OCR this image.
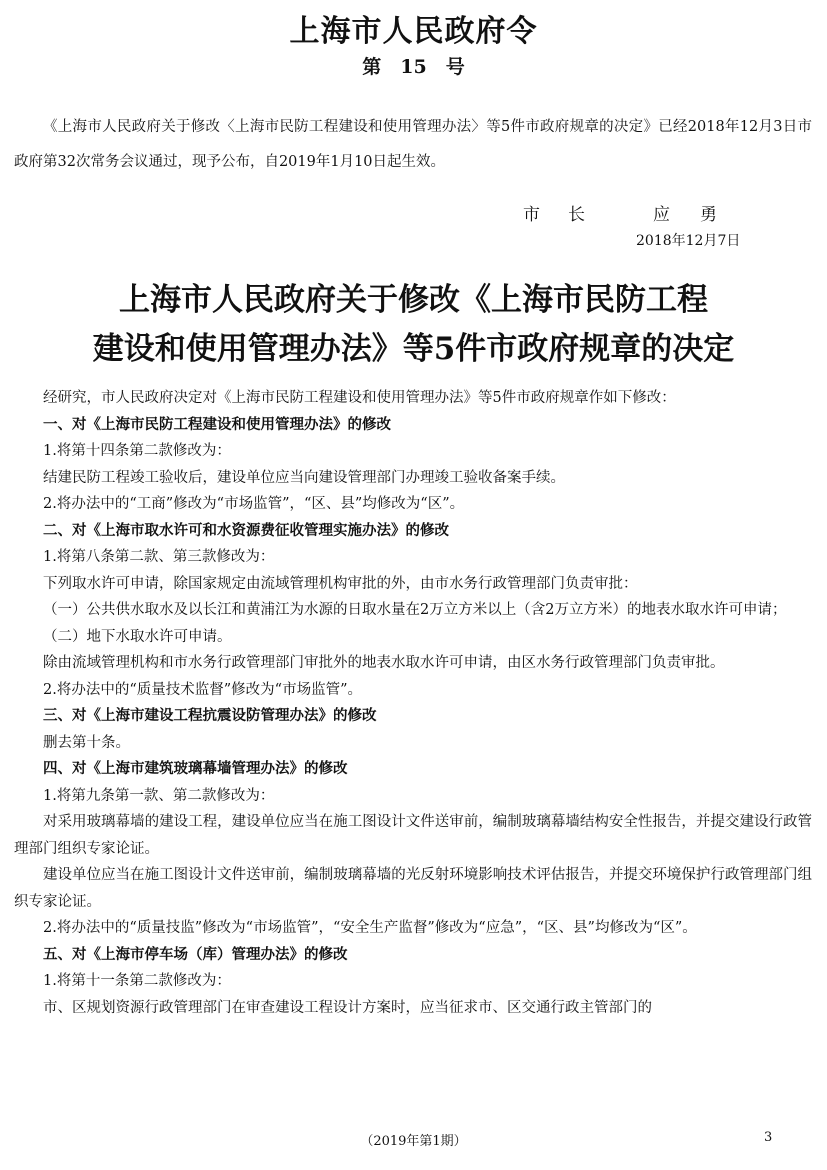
上海市人民政府令
第　15　号

《上海市人民政府关于修改〈上海市民防工程建设和使用管理办法〉等5件市政府规章的决定》已经2018年12月3日市政府第32次常务会议通过，现予公布，自2019年1月10日起生效。

市长 应勇
2018年12月7日
上海市人民政府关于修改《上海市民防工程
建设和使用管理办法》等5件市政府规章的决定

经研究，市人民政府决定对《上海市民防工程建设和使用管理办法》等5件市政府规章作如下修改：

一、对《上海市民防工程建设和使用管理办法》的修改

1.将第十四条第二款修改为：

结建民防工程竣工验收后，建设单位应当向建设管理部门办理竣工验收备案手续。

2.将办法中的“工商”修改为“市场监管”，“区、县”均修改为“区”。

二、对《上海市取水许可和水资源费征收管理实施办法》的修改

1.将第八条第二款、第三款修改为：

下列取水许可申请，除国家规定由流域管理机构审批的外，由市水务行政管理部门负责审批：

（一）公共供水取水及以长江和黄浦江为水源的日取水量在2万立方米以上（含2万立方米）的地表水取水许可申请；

（二）地下水取水许可申请。

除由流域管理机构和市水务行政管理部门审批外的地表水取水许可申请，由区水务行政管理部门负责审批。

2.将办法中的“质量技术监督”修改为“市场监管”。

三、对《上海市建设工程抗震设防管理办法》的修改

删去第十条。

四、对《上海市建筑玻璃幕墙管理办法》的修改

1.将第九条第一款、第二款修改为：

对采用玻璃幕墙的建设工程，建设单位应当在施工图设计文件送审前，编制玻璃幕墙结构安全性报告，并提交建设行政管理部门组织专家论证。

建设单位应当在施工图设计文件送审前，编制玻璃幕墙的光反射环境影响技术评估报告，并提交环境保护行政管理部门组织专家论证。

2.将办法中的“质量技监”修改为“市场监管”，“安全生产监督”修改为“应急”，“区、县”均修改为“区”。

五、对《上海市停车场（库）管理办法》的修改

1.将第十一条第二款修改为：

市、区规划资源行政管理部门在审查建设工程设计方案时，应当征求市、区交通行政主管部门的

（2019年第1期）	3
